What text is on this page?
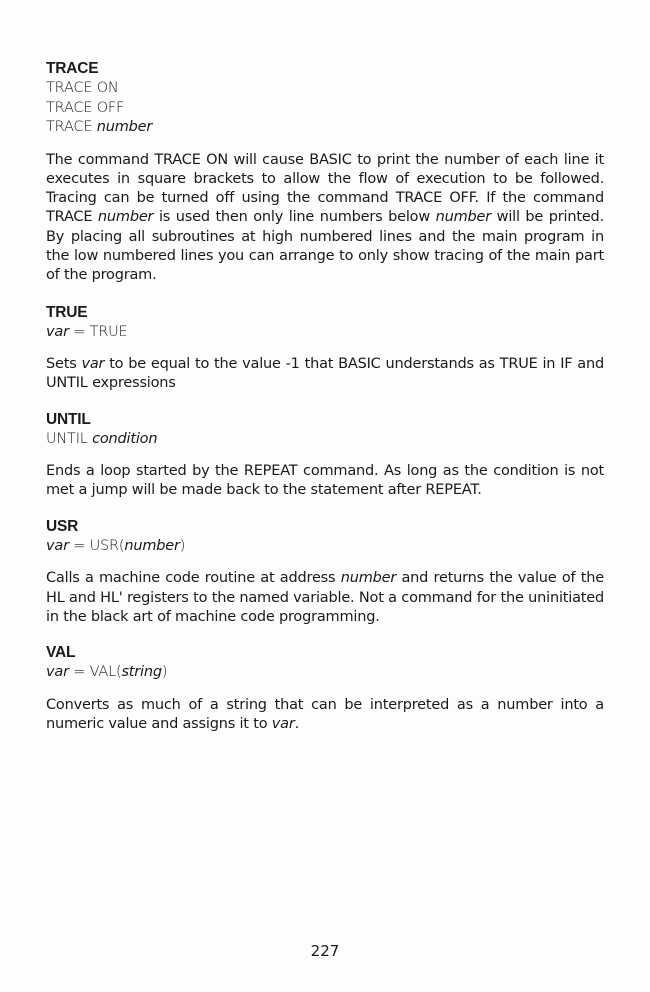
TRACE

TRACE ON

TRACE OFF

TRACE number

The command TRACE ON will cause BASIC to print the number of each line it executes in square brackets to allow the flow of execution to be followed. Tracing can be turned off using the command TRACE OFF. If the command TRACE number is used then only line numbers below number will be printed. By placing all subroutines at high numbered lines and the main program in the low numbered lines you can arrange to only show tracing of the main part of the program.

TRUE

var = TRUE

Sets var to be equal to the value -1 that BASIC understands as TRUE in IF and UNTIL expressions

UNTIL

UNTIL condition

Ends a loop started by the REPEAT command. As long as the condition is not met a jump will be made back to the statement after REPEAT.

USR

var = USR(number)

Calls a machine code routine at address number and returns the value of the HL and HL' registers to the named variable. Not a command for the uninitiated in the black art of machine code programming.

VAL

var = VAL(string)

Converts as much of a string that can be interpreted as a number into a numeric value and assigns it to var.

227
